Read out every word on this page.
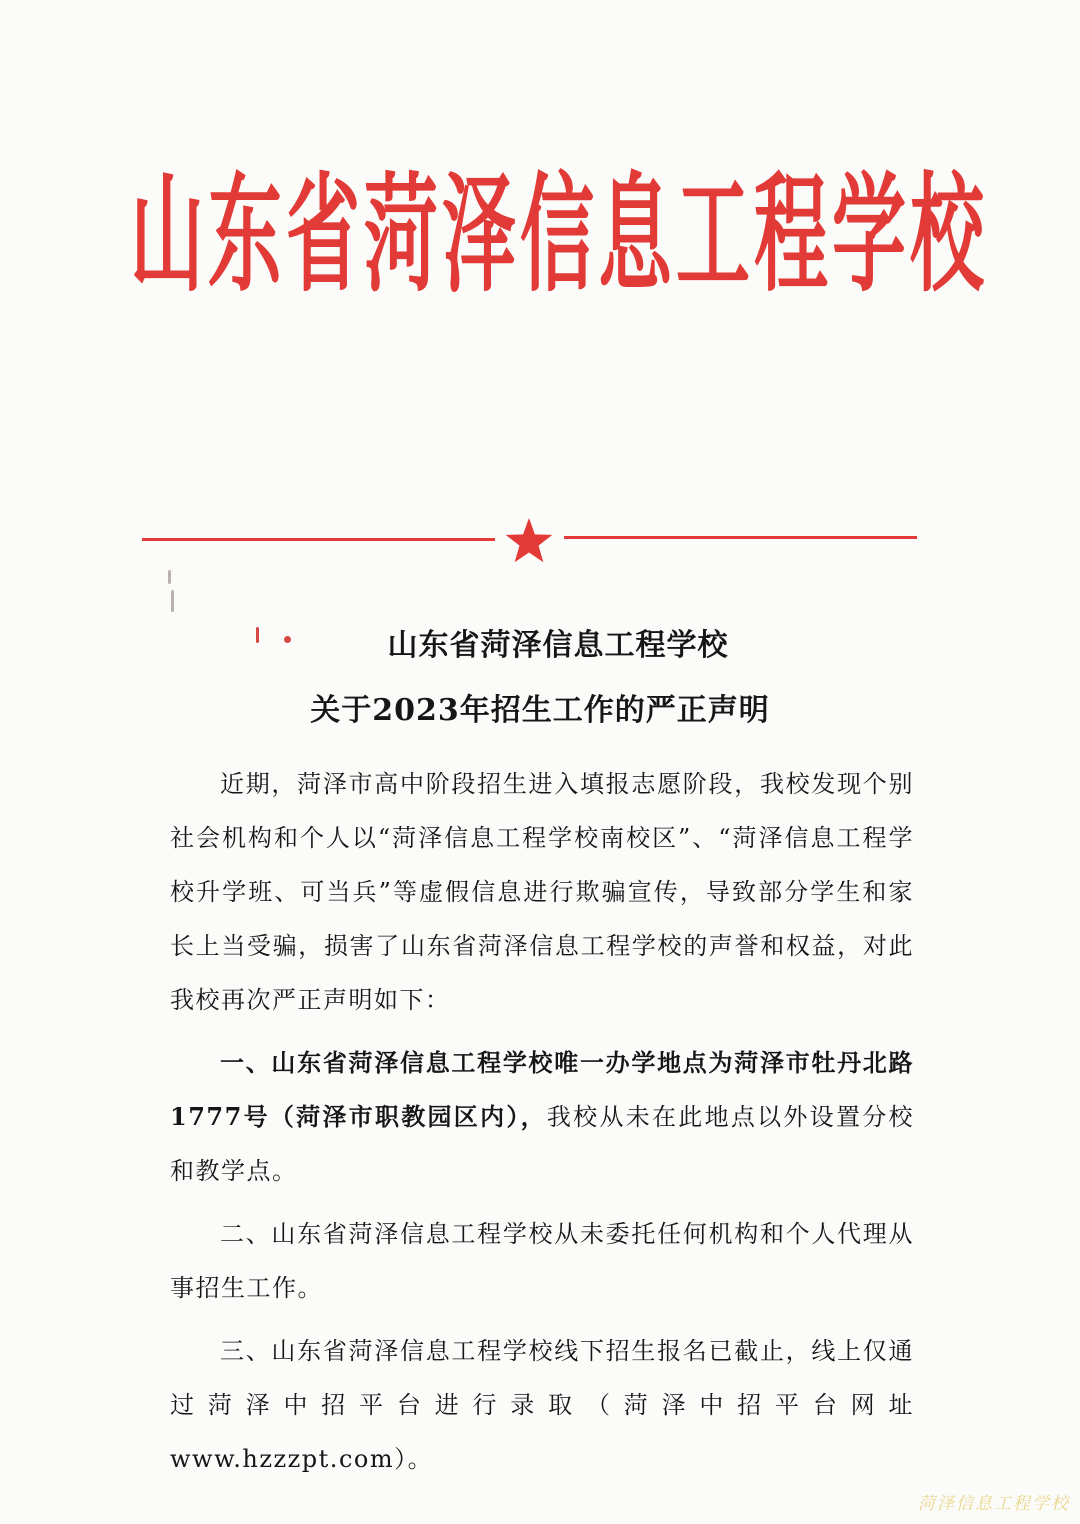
山东省菏泽信息工程学校
山东省菏泽信息工程学校
关于2023年招生工作的严正声明

近期，菏泽市高中阶段招生进入填报志愿阶段，我校发现个别社会机构和个人以“菏泽信息工程学校南校区”、“菏泽信息工程学校升学班、可当兵”等虚假信息进行欺骗宣传，导致部分学生和家长上当受骗，损害了山东省菏泽信息工程学校的声誉和权益，对此我校再次严正声明如下：

一、山东省菏泽信息工程学校唯一办学地点为菏泽市牡丹北路1777号（菏泽市职教园区内），我校从未在此地点以外设置分校和教学点。

二、山东省菏泽信息工程学校从未委托任何机构和个人代理从事招生工作。

三、山东省菏泽信息工程学校线下招生报名已截止，线上仅通过菏泽中招平台进行录取（菏泽中招平台网址 www.hzzzpt.com）。

菏泽信息工程学校
